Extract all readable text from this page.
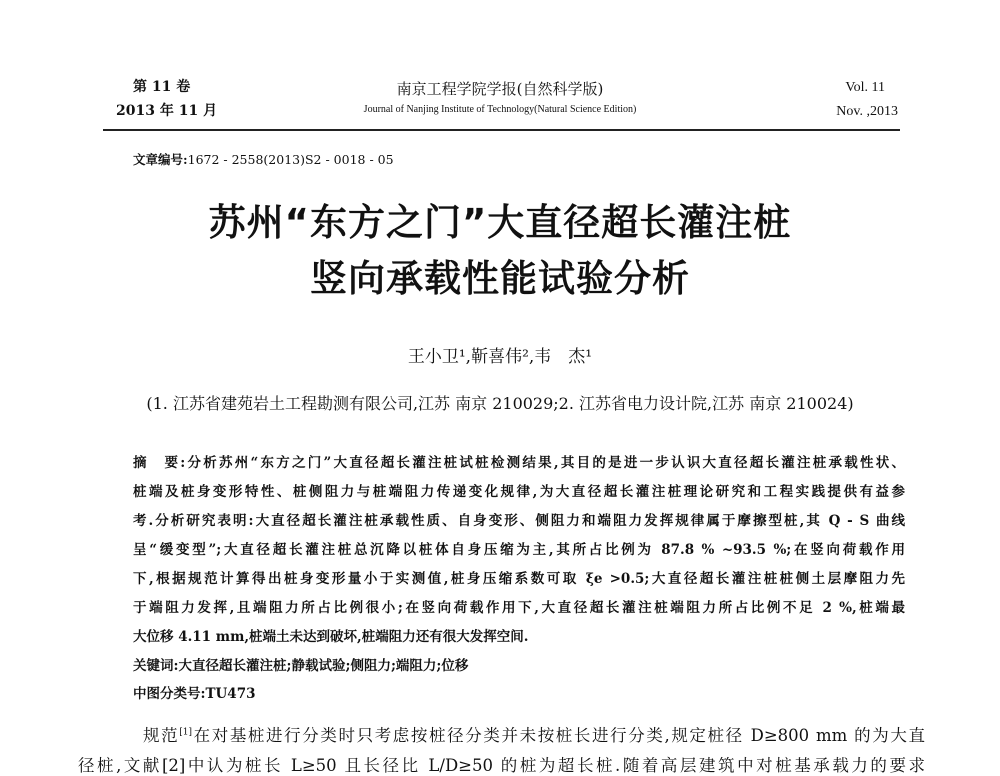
第 11 卷
2013 年 11 月
南京工程学院学报(自然科学版)
Journal of Nanjing Institute of Technology(Natural Science Edition)
Vol. 11
Nov. ,2013
文章编号:1672 - 2558(2013)S2 - 0018 - 05
苏州“东方之门”大直径超长灌注桩
竖向承载性能试验分析
王小卫¹,靳喜伟²,韦　杰¹
(1. 江苏省建苑岩土工程勘测有限公司,江苏 南京 210029;2. 江苏省电力设计院,江苏 南京 210024)
摘　要:分析苏州“东方之门”大直径超长灌注桩试桩检测结果,其目的是进一步认识大直径超长灌注桩承载性状、
桩端及桩身变形特性、桩侧阻力与桩端阻力传递变化规律,为大直径超长灌注桩理论研究和工程实践提供有益参
考.分析研究表明:大直径超长灌注桩承载性质、自身变形、侧阻力和端阻力发挥规律属于摩擦型桩,其 Q - S 曲线
呈“缓变型”;大直径超长灌注桩总沉降以桩体自身压缩为主,其所占比例为 87.8 % ~93.5 %;在竖向荷载作用
下,根据规范计算得出桩身变形量小于实测值,桩身压缩系数可取 ξe >0.5;大直径超长灌注桩桩侧土层摩阻力先
于端阻力发挥,且端阻力所占比例很小;在竖向荷载作用下,大直径超长灌注桩端阻力所占比例不足 2 %,桩端最
大位移 4.11 mm,桩端土未达到破坏,桩端阻力还有很大发挥空间.
关键词:大直径超长灌注桩;静载试验;侧阻力;端阻力;位移
中图分类号:TU473
规范[1]在对基桩进行分类时只考虑按桩径分类并未按桩长进行分类,规定桩径 D≥800 mm 的为大直
径桩,文献[2]中认为桩长 L≥50 且长径比 L/D≥50 的桩为超长桩.随着高层建筑中对桩基承载力的要求
